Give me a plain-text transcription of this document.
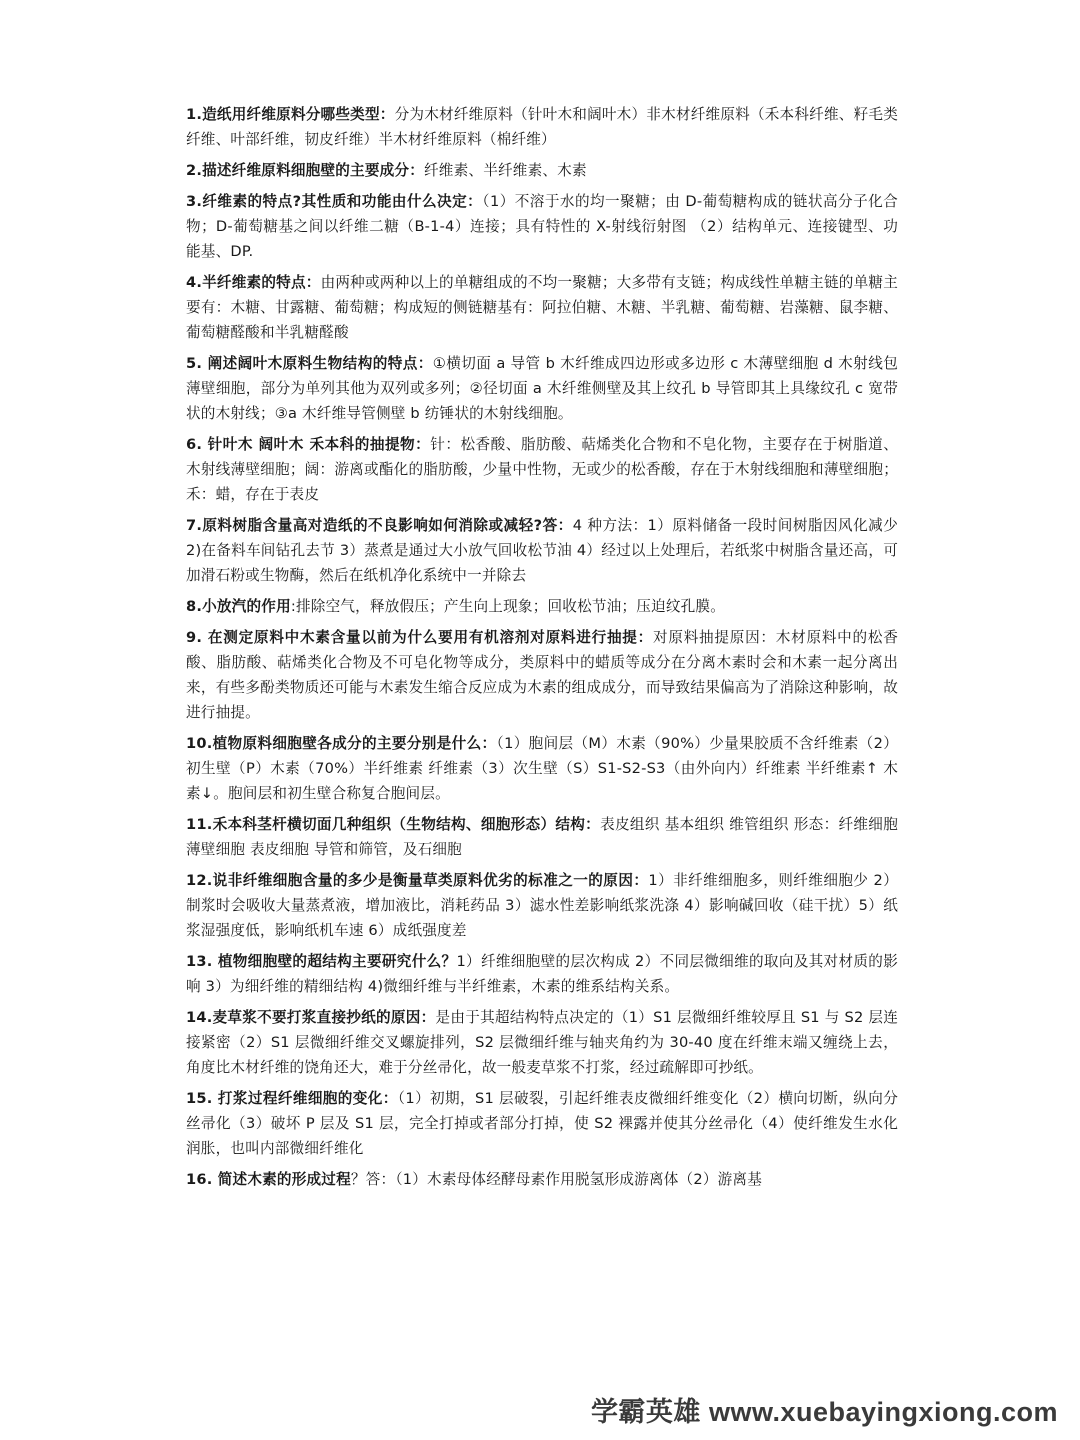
1.造纸用纤维原料分哪些类型：分为木材纤维原料（针叶木和阔叶木）非木材纤维原料（禾本科纤维、籽毛类纤维、叶部纤维，韧皮纤维）半木材纤维原料（棉纤维）

2.描述纤维原料细胞壁的主要成分：纤维素、半纤维素、木素

3.纤维素的特点?其性质和功能由什么决定：（1）不溶于水的均一聚糖；由 D-葡萄糖构成的链状高分子化合物；D-葡萄糖基之间以纤维二糖（B-1-4）连接；具有特性的 X-射线衍射图 （2）结构单元、连接键型、功能基、DP.

4.半纤维素的特点：由两种或两种以上的单糖组成的不均一聚糖；大多带有支链；构成线性单糖主链的单糖主要有：木糖、甘露糖、葡萄糖；构成短的侧链糖基有：阿拉伯糖、木糖、半乳糖、葡萄糖、岩藻糖、鼠李糖、葡萄糖醛酸和半乳糖醛酸

5. 阐述阔叶木原料生物结构的特点：①横切面 a 导管 b 木纤维成四边形或多边形 c 木薄壁细胞 d 木射线包薄壁细胞，部分为单列其他为双列或多列；②径切面 a 木纤维侧壁及其上纹孔 b 导管即其上具缘纹孔 c 宽带状的木射线；③a 木纤维导管侧壁 b 纺锤状的木射线细胞。

6. 针叶木 阔叶木 禾本科的抽提物：针：松香酸、脂肪酸、萜烯类化合物和不皂化物，主要存在于树脂道、木射线薄壁细胞；阔：游离或酯化的脂肪酸，少量中性物，无或少的松香酸，存在于木射线细胞和薄壁细胞；禾：蜡，存在于表皮

7.原料树脂含量高对造纸的不良影响如何消除或减轻?答：4 种方法：1）原料储备一段时间树脂因风化减少 2)在备料车间钻孔去节 3）蒸煮是通过大小放气回收松节油 4）经过以上处理后，若纸浆中树脂含量还高，可加滑石粉或生物酶，然后在纸机净化系统中一并除去

8.小放汽的作用:排除空气，释放假压；产生向上现象；回收松节油；压迫纹孔膜。

9. 在测定原料中木素含量以前为什么要用有机溶剂对原料进行抽提：对原料抽提原因：木材原料中的松香酸、脂肪酸、萜烯类化合物及不可皂化物等成分，类原料中的蜡质等成分在分离木素时会和木素一起分离出来，有些多酚类物质还可能与木素发生缩合反应成为木素的组成成分，而导致结果偏高为了消除这种影响，故进行抽提。

10.植物原料细胞壁各成分的主要分别是什么：（1）胞间层（M）木素（90%）少量果胶质不含纤维素（2）初生壁（P）木素（70%）半纤维素 纤维素（3）次生壁（S）S1-S2-S3（由外向内）纤维素 半纤维素↑ 木素↓。胞间层和初生壁合称复合胞间层。

11.禾本科茎杆横切面几种组织（生物结构、细胞形态）结构：表皮组织 基本组织 维管组织 形态：纤维细胞 薄壁细胞 表皮细胞 导管和筛管，及石细胞

12.说非纤维细胞含量的多少是衡量草类原料优劣的标准之一的原因：1）非纤维细胞多，则纤维细胞少 2）制浆时会吸收大量蒸煮液，增加液比，消耗药品 3）滤水性差影响纸浆洗涤 4）影响碱回收（硅干扰）5）纸浆湿强度低，影响纸机车速 6）成纸强度差

13. 植物细胞壁的超结构主要研究什么？1）纤维细胞壁的层次构成 2）不同层微细维的取向及其对材质的影响 3）为细纤维的精细结构 4)微细纤维与半纤维素，木素的维系结构关系。

14.麦草浆不要打浆直接抄纸的原因：是由于其超结构特点决定的（1）S1 层微细纤维较厚且 S1 与 S2 层连接紧密（2）S1 层微细纤维交叉螺旋排列，S2 层微细纤维与轴夹角约为 30-40 度在纤维末端又缠绕上去，角度比木材纤维的饶角还大，难于分丝帚化，故一般麦草浆不打浆，经过疏解即可抄纸。

15. 打浆过程纤维细胞的变化：（1）初期，S1 层破裂，引起纤维表皮微细纤维变化（2）横向切断，纵向分丝帚化（3）破坏 P 层及 S1 层，完全打掉或者部分打掉，使 S2 裸露并使其分丝帚化（4）使纤维发生水化润胀，也叫内部微细纤维化

16. 简述木素的形成过程？答：（1）木素母体经酵母素作用脱氢形成游离体（2）游离基

学霸英雄 www.xuebayingxiong.com
